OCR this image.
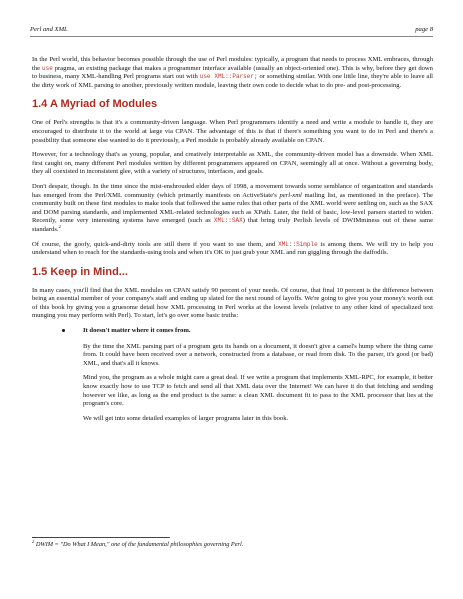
Perl and XML	page 8

In the Perl world, this behavior becomes possible through the use of Perl modules: typically, a program that needs to process XML embraces, through the use pragma, an existing package that makes a programmer interface available (usually an object-oriented one). This is why, before they get down to business, many XML-handling Perl programs start out with use XML::Parser; or something similar. With one little line, they're able to leave all the dirty work of XML parsing to another, previously written module, leaving their own code to decide what to do pre- and post-processing.

1.4 A Myriad of Modules

One of Perl's strengths is that it's a community-driven language. When Perl programmers identify a need and write a module to handle it, they are encouraged to distribute it to the world at large via CPAN. The advantage of this is that if there's something you want to do in Perl and there's a possibility that someone else wanted to do it previously, a Perl module is probably already available on CPAN.

However, for a technology that's as young, popular, and creatively interpretable as XML, the community-driven model has a downside. When XML first caught on, many different Perl modules written by different programmers appeared on CPAN, seemingly all at once. Without a governing body, they all coexisted in inconsistent glee, with a variety of structures, interfaces, and goals.

Don't despair, though. In the time since the mist-enshrouded elder days of 1998, a movement towards some semblance of organization and standards has emerged from the Perl/XML community (which primarily manifests on ActiveState's perl-xml mailing list, as mentioned in the preface). The community built on these first modules to make tools that followed the same rules that other parts of the XML world were settling on, such as the SAX and DOM parsing standards, and implemented XML-related technologies such as XPath. Later, the field of basic, low-level parsers started to widen. Recently, some very interesting systems have emerged (such as XML::SAX) that bring truly Perlish levels of DWIMminess out of these same standards.$^2$

Of course, the goofy, quick-and-dirty tools are still there if you want to use them, and XML::Simple is among them. We will try to help you understand when to reach for the standards-using tools and when it's OK to just grab your XML and run giggling through the daffodils.

1.5 Keep in Mind...

In many cases, you'll find that the XML modules on CPAN satisfy 90 percent of your needs. Of course, that final 10 percent is the difference between being an essential member of your company's staff and ending up slated for the next round of layoffs. We're going to give you your money's worth out of this book by giving you a gruesome detail how XML processing in Perl works at the lowest levels (relative to any other kind of specialized text munging you may perform with Perl). To start, let's go over some basic truths:

It doesn't matter where it comes from.

By the time the XML parsing part of a program gets its hands on a document, it doesn't give a camel's hump where the thing came from. It could have been received over a network, constructed from a database, or read from disk. To the parser, it's good (or bad) XML, and that's all it knows.

Mind you, the program as a whole might care a great deal. If we write a program that implements XML-RPC, for example, it better know exactly how to use TCP to fetch and send all that XML data over the Internet! We can have it do that fetching and sending however we like, as long as the end product is the same: a clean XML document fit to pass to the XML processor that lies at the program's core.

We will get into some detailed examples of larger programs later in this book.

$^2$ DWIM = "Do What I Mean," one of the fundamental philosophies governing Perl.
